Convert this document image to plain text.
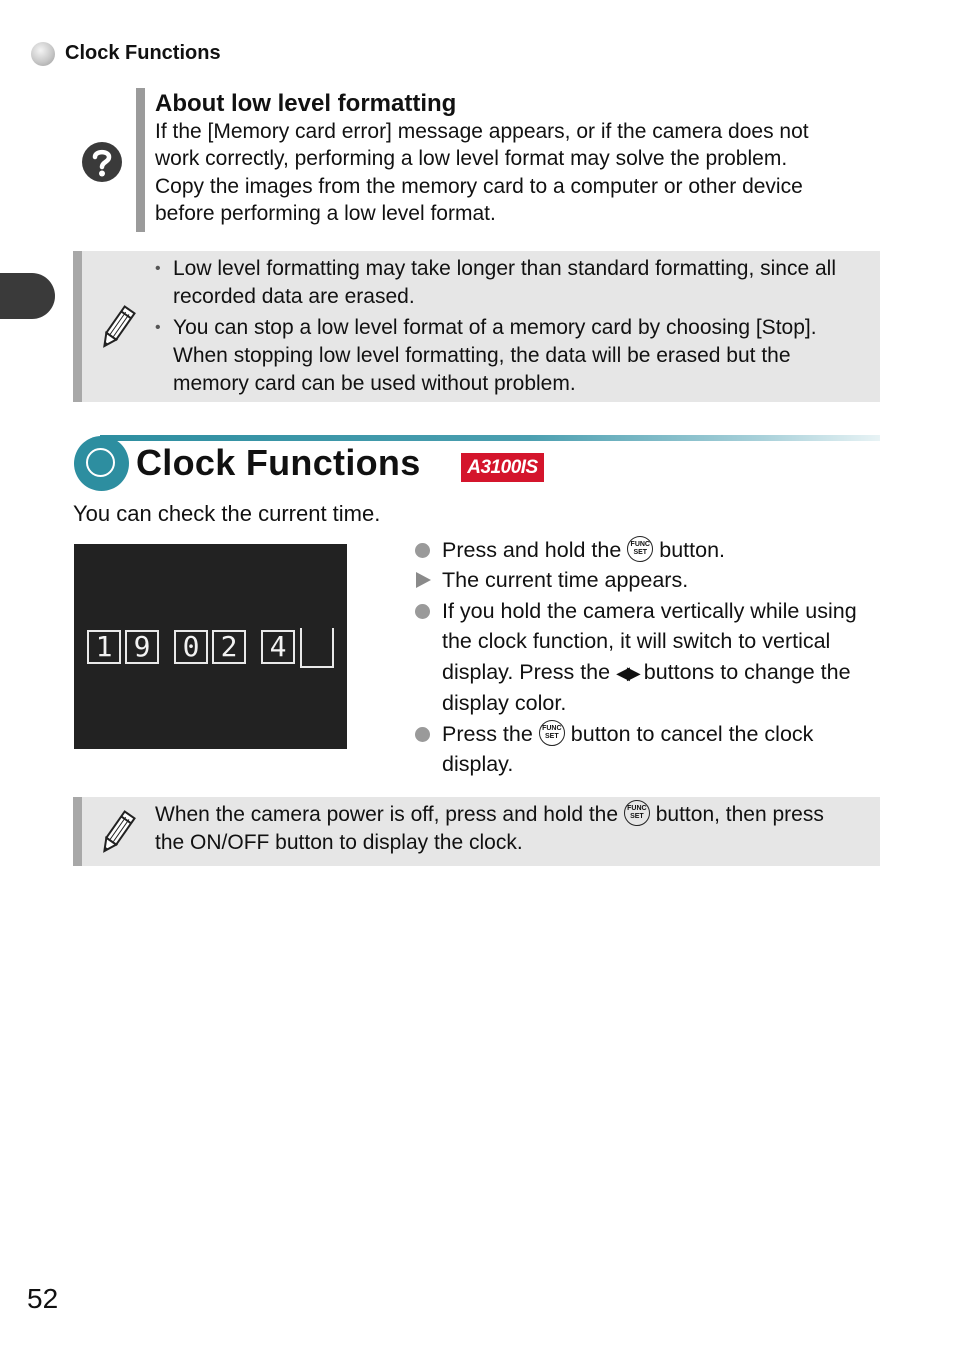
Clock Functions
About low level formatting
If the [Memory card error] message appears, or if the camera does not
work correctly, performing a low level format may solve the problem.
Copy the images from the memory card to a computer or other device
before performing a low level format.
• Low level formatting may take longer than standard formatting, since all
recorded data are erased.
• You can stop a low level format of a memory card by choosing [Stop].
When stopping low level formatting, the data will be erased but the
memory card can be used without problem.
Clock Functions	A3100IS
You can check the current time.
1 9	0 2	4
Press and hold the FUNC
SET button.
The current time appears.
If you hold the camera vertically while using
the clock function, it will switch to vertical
display. Press the ◀▶ buttons to change the
display color.
Press the FUNC
SET button to cancel the clock
display.
When the camera power is off, press and hold the FUNC
SET button, then press
the ON/OFF button to display the clock.
52
